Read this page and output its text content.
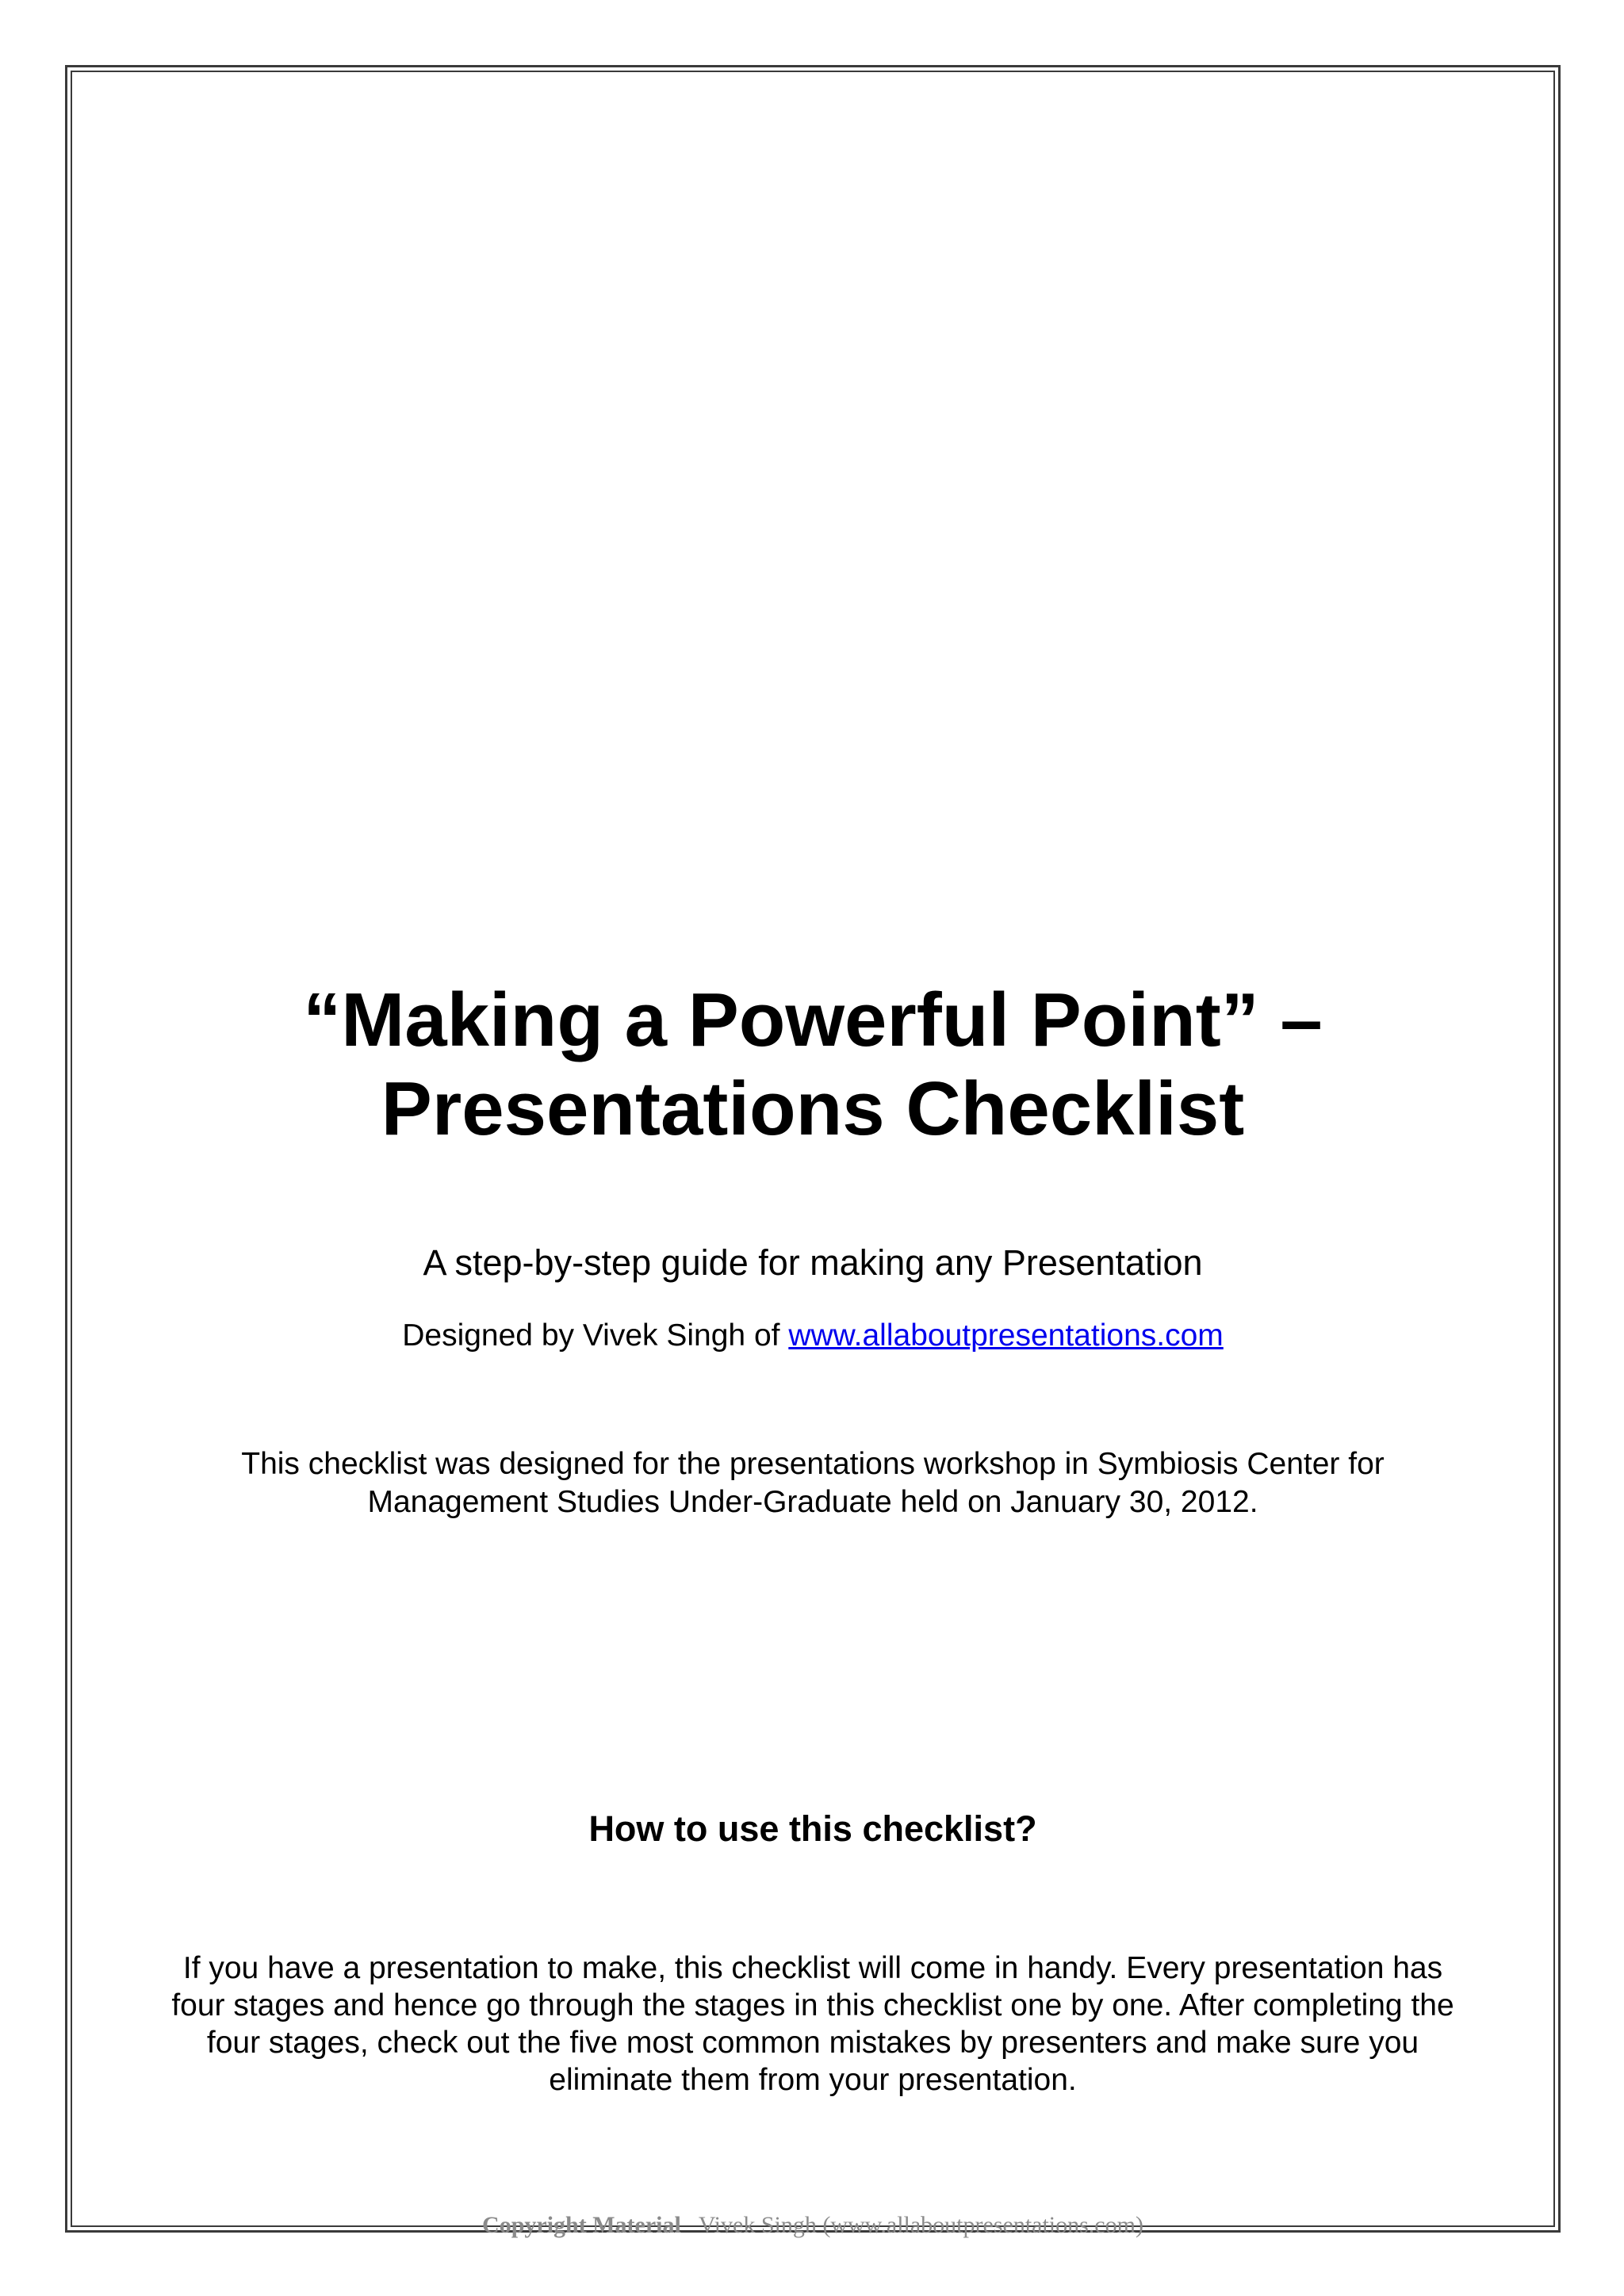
“Making a Powerful Point” –
Presentations Checklist
A step-by-step guide for making any Presentation
Designed by Vivek Singh of www.allaboutpresentations.com
This checklist was designed for the presentations workshop in Symbiosis Center for Management Studies Under-Graduate held on January 30, 2012.
How to use this checklist?
If you have a presentation to make, this checklist will come in handy. Every presentation has four stages and hence go through the stages in this checklist one by one. After completing the four stages, check out the five most common mistakes by presenters and make sure you eliminate them from your presentation.
Copyright Material Vivek Singh (www.allaboutpresentations.com)
